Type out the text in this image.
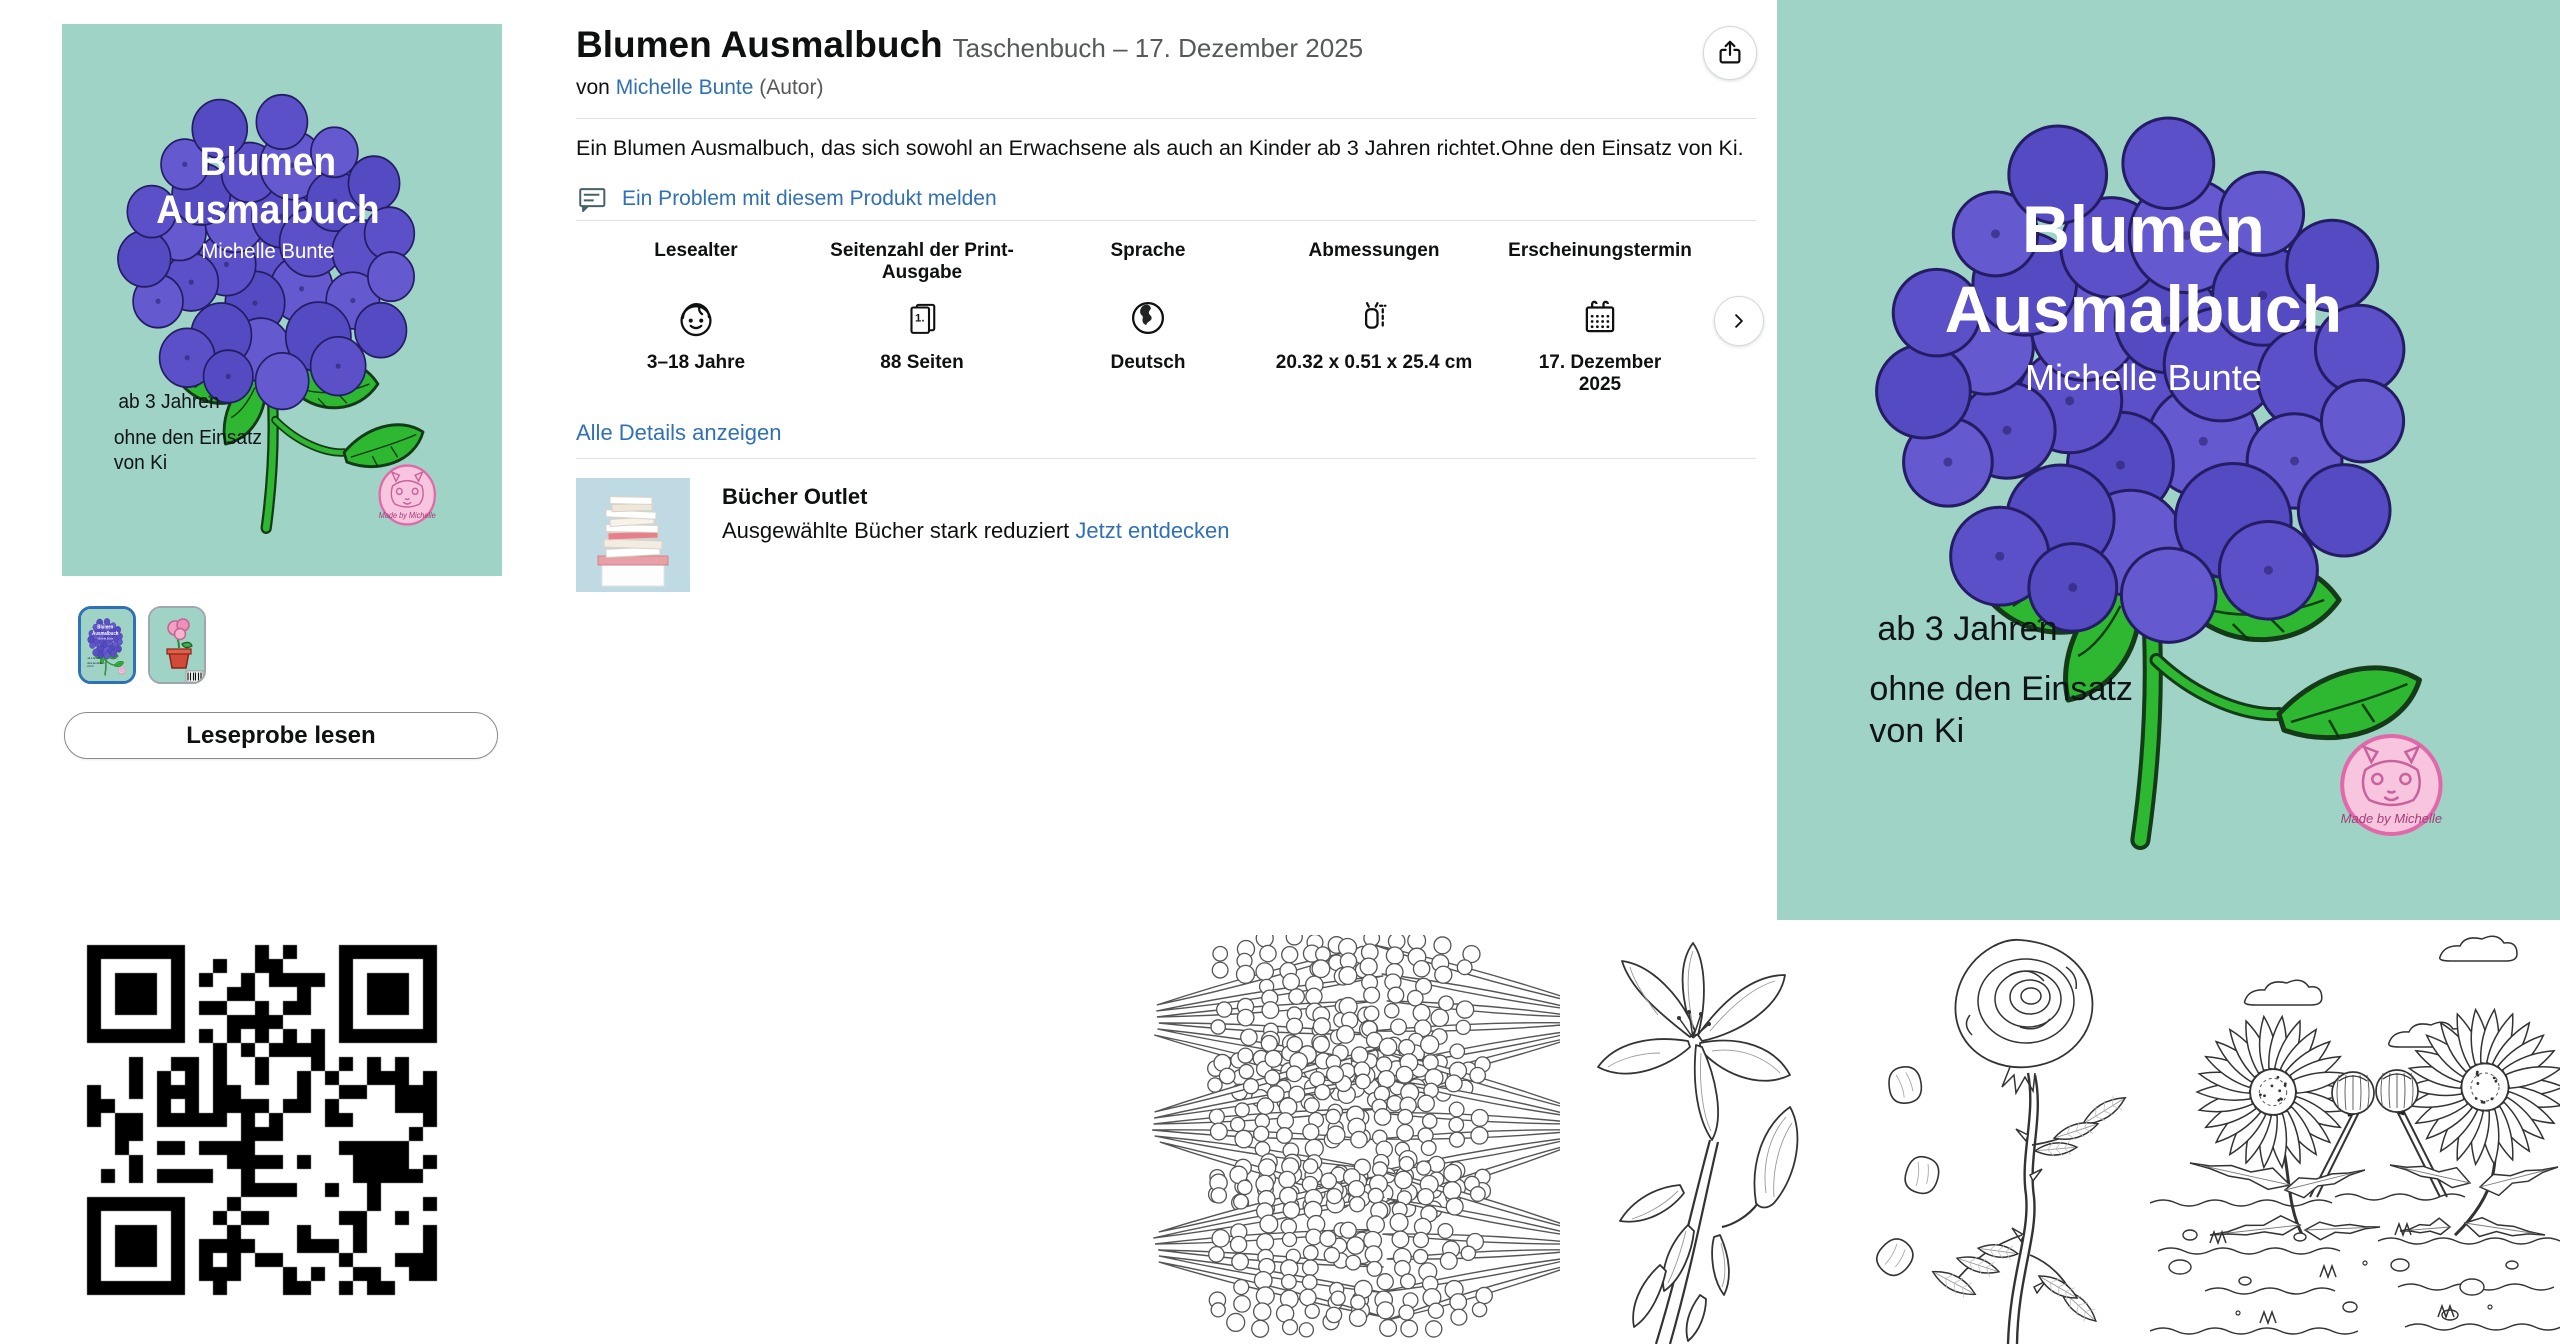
Blumen
Ausmalbuch
Michelle Bunte
ab 3 Jahren
ohne den Einsatz
von Ki
Made by Michelle
Blumen
Ausmalbuch
Michelle Bunte
ab 3 Jahren
ohne den Einsatz
von Ki
Made by Michelle
Leseprobe lesen
Blumen Ausmalbuch Taschenbuch – 17. Dezember 2025
von Michelle Bunte (Autor)
Ein Blumen Ausmalbuch, das sich sowohl an Erwachsene als auch an Kinder ab 3 Jahren richtet.Ohne den Einsatz von Ki.
Ein Problem mit diesem Produkt melden
Lesealter
3–18 Jahre
Seitenzahl der Print-Ausgabe
1.
88 Seiten
Sprache
Deutsch
Abmessungen
20.32 x 0.51 x 25.4 cm
Erscheinungstermin
17. Dezember 2025
Alle Details anzeigen
Bücher Outlet
Ausgewählte Bücher stark reduziert Jetzt entdecken
Blumen
Ausmalbuch
Michelle Bunte
ab 3 Jahren
ohne den Einsatz
von Ki
Made by Michelle
